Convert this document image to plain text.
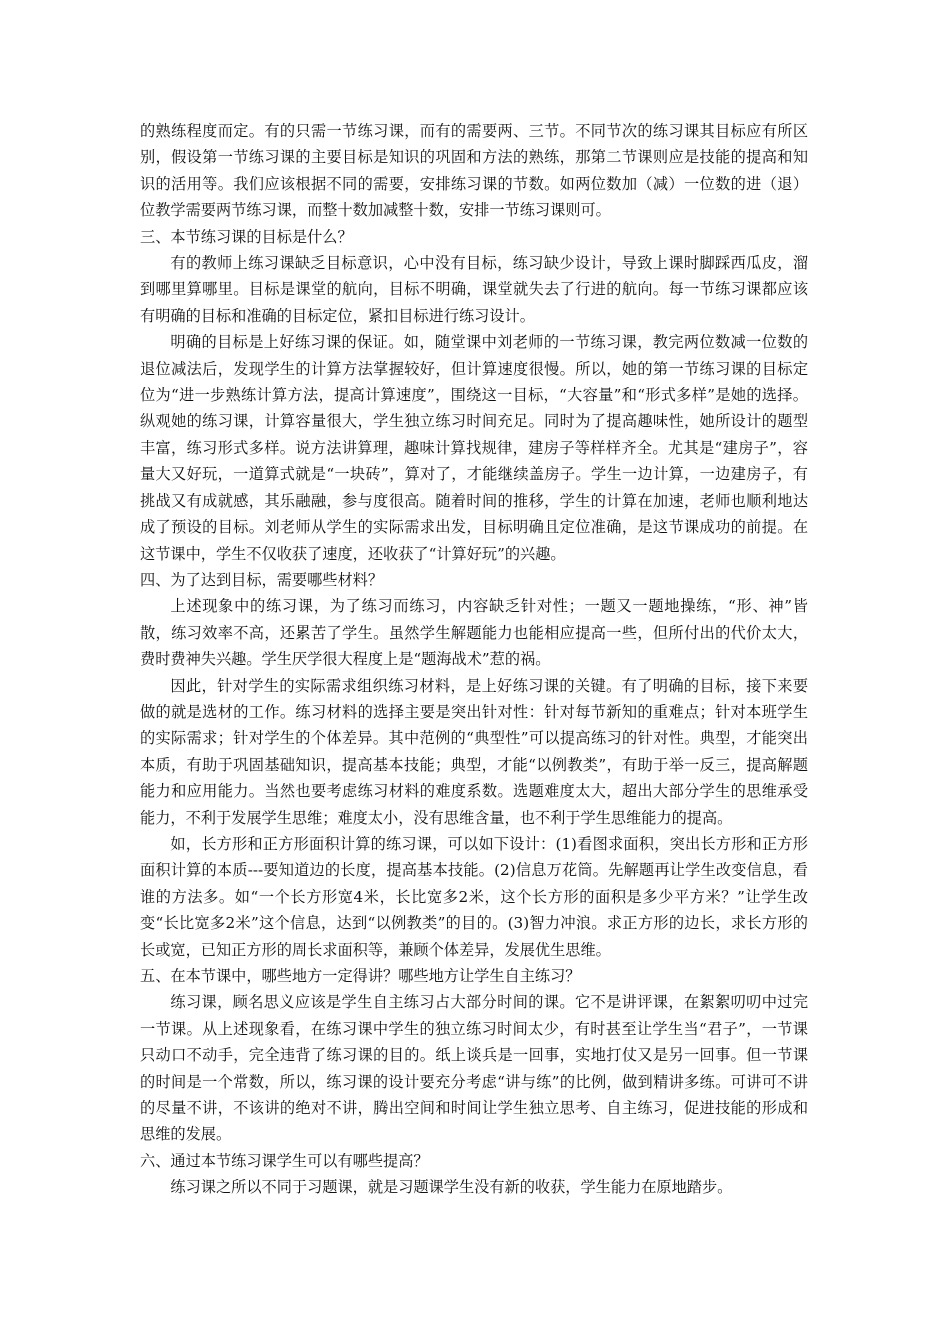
的熟练程度而定。有的只需一节练习课，而有的需要两、三节。不同节次的练习课其目标应有所区别，假设第一节练习课的主要目标是知识的巩固和方法的熟练，那第二节课则应是技能的提高和知识的活用等。我们应该根据不同的需要，安排练习课的节数。如两位数加（减）一位数的进（退）位教学需要两节练习课，而整十数加减整十数，安排一节练习课则可。

三、本节练习课的目标是什么？

有的教师上练习课缺乏目标意识，心中没有目标，练习缺少设计，导致上课时脚踩西瓜皮，溜到哪里算哪里。目标是课堂的航向，目标不明确，课堂就失去了行进的航向。每一节练习课都应该有明确的目标和准确的目标定位，紧扣目标进行练习设计。

明确的目标是上好练习课的保证。如，随堂课中刘老师的一节练习课，教完两位数减一位数的退位减法后，发现学生的计算方法掌握较好，但计算速度很慢。所以，她的第一节练习课的目标定位为“进一步熟练计算方法，提高计算速度”，围绕这一目标，“大容量”和“形式多样”是她的选择。纵观她的练习课，计算容量很大，学生独立练习时间充足。同时为了提高趣味性，她所设计的题型丰富，练习形式多样。说方法讲算理，趣味计算找规律，建房子等样样齐全。尤其是“建房子”，容量大又好玩，一道算式就是“一块砖”，算对了，才能继续盖房子。学生一边计算，一边建房子，有挑战又有成就感，其乐融融，参与度很高。随着时间的推移，学生的计算在加速，老师也顺利地达成了预设的目标。刘老师从学生的实际需求出发，目标明确且定位准确，是这节课成功的前提。在这节课中，学生不仅收获了速度，还收获了“计算好玩”的兴趣。

四、为了达到目标，需要哪些材料？

上述现象中的练习课，为了练习而练习，内容缺乏针对性；一题又一题地操练，“形、神”皆散，练习效率不高，还累苦了学生。虽然学生解题能力也能相应提高一些，但所付出的代价太大，费时费神失兴趣。学生厌学很大程度上是“题海战术”惹的祸。

因此，针对学生的实际需求组织练习材料，是上好练习课的关键。有了明确的目标，接下来要做的就是选材的工作。练习材料的选择主要是突出针对性：针对每节新知的重难点；针对本班学生的实际需求；针对学生的个体差异。其中范例的“典型性”可以提高练习的针对性。典型，才能突出本质，有助于巩固基础知识，提高基本技能；典型，才能“以例教类”，有助于举一反三，提高解题能力和应用能力。当然也要考虑练习材料的难度系数。选题难度太大，超出大部分学生的思维承受能力，不利于发展学生思维；难度太小，没有思维含量，也不利于学生思维能力的提高。

如，长方形和正方形面积计算的练习课，可以如下设计：(1)看图求面积，突出长方形和正方形面积计算的本质---要知道边的长度，提高基本技能。(2)信息万花筒。先解题再让学生改变信息，看谁的方法多。如“一个长方形宽4米，长比宽多2米，这个长方形的面积是多少平方米？”让学生改变“长比宽多2米”这个信息，达到“以例教类”的目的。(3)智力冲浪。求正方形的边长，求长方形的长或宽，已知正方形的周长求面积等，兼顾个体差异，发展优生思维。

五、在本节课中，哪些地方一定得讲？哪些地方让学生自主练习？

练习课，顾名思义应该是学生自主练习占大部分时间的课。它不是讲评课，在絮絮叨叨中过完一节课。从上述现象看，在练习课中学生的独立练习时间太少，有时甚至让学生当“君子”，一节课只动口不动手，完全违背了练习课的目的。纸上谈兵是一回事，实地打仗又是另一回事。但一节课的时间是一个常数，所以，练习课的设计要充分考虑“讲与练”的比例，做到精讲多练。可讲可不讲的尽量不讲，不该讲的绝对不讲，腾出空间和时间让学生独立思考、自主练习，促进技能的形成和思维的发展。

六、通过本节练习课学生可以有哪些提高？

练习课之所以不同于习题课，就是习题课学生没有新的收获，学生能力在原地踏步。
